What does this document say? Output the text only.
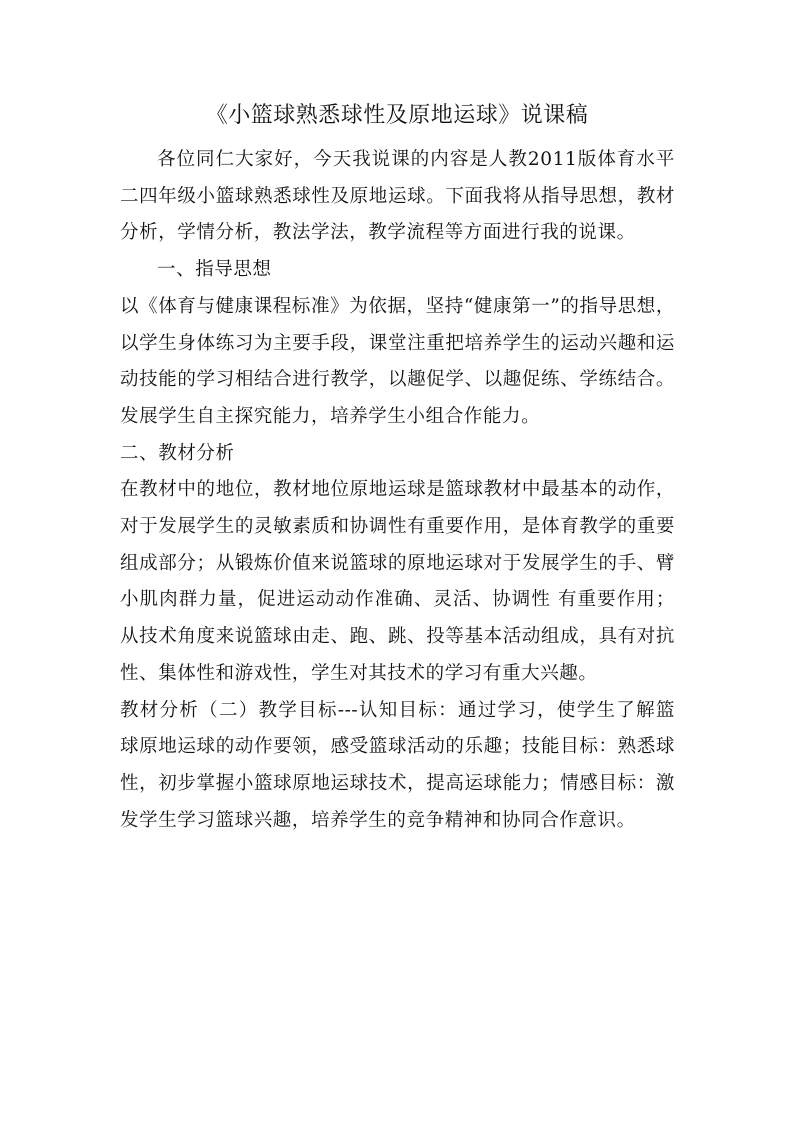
《小篮球熟悉球性及原地运球》说课稿

各位同仁大家好，今天我说课的内容是人教2011版体育水平二四年级小篮球熟悉球性及原地运球。下面我将从指导思想，教材分析，学情分析，教法学法，教学流程等方面进行我的说课。

一、指导思想

以《体育与健康课程标准》为依据，坚持“健康第一”的指导思想，以学生身体练习为主要手段，课堂注重把培养学生的运动兴趣和运动技能的学习相结合进行教学，以趣促学、以趣促练、学练结合。发展学生自主探究能力，培养学生小组合作能力。

二、教材分析

在教材中的地位，教材地位原地运球是篮球教材中最基本的动作，对于发展学生的灵敏素质和协调性有重要作用，是体育教学的重要组成部分；从锻炼价值来说篮球的原地运球对于发展学生的手、臂小肌肉群力量，促进运动动作准确、灵活、协调性 有重要作用；从技术角度来说篮球由走、跑、跳、投等基本活动组成，具有对抗性、集体性和游戏性，学生对其技术的学习有重大兴趣。

教材分析（二）教学目标---认知目标：通过学习，使学生了解篮球原地运球的动作要领，感受篮球活动的乐趣；技能目标：熟悉球性，初步掌握小篮球原地运球技术，提高运球能力；情感目标：激发学生学习篮球兴趣，培养学生的竞争精神和协同合作意识。
